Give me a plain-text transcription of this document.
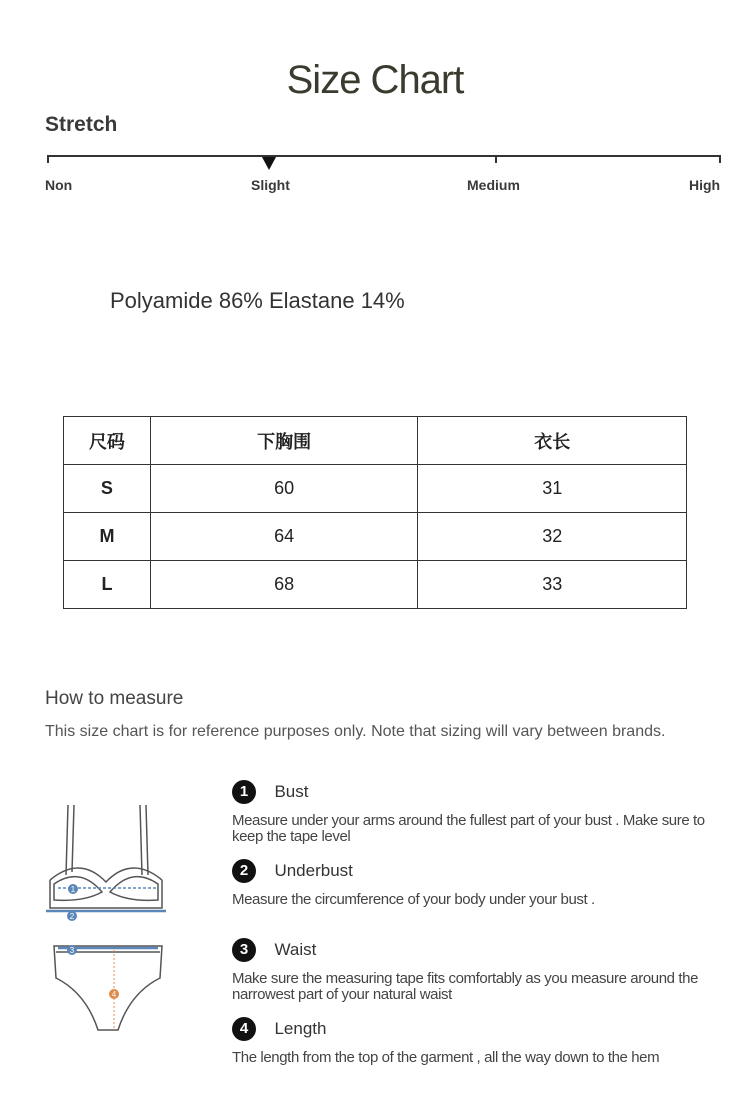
Size Chart
Stretch
Non	Slight	Medium	High
Polyamide 86% Elastane 14%
尺码	下胸围	衣长
S	60	31
M	64	32
L	68	33
How to measure
This size chart is for reference purposes only. Note that sizing will vary between brands.
1
2
3
4
1 Bust
Measure under your arms around the fullest part of your bust . Make sure to keep the tape level
2 Underbust
Measure the circumference of your body under your bust .
3 Waist
Make sure the measuring tape fits comfortably as you measure around the narrowest part of your natural waist
4 Length
The length from the top of the garment , all the way down to the hem
